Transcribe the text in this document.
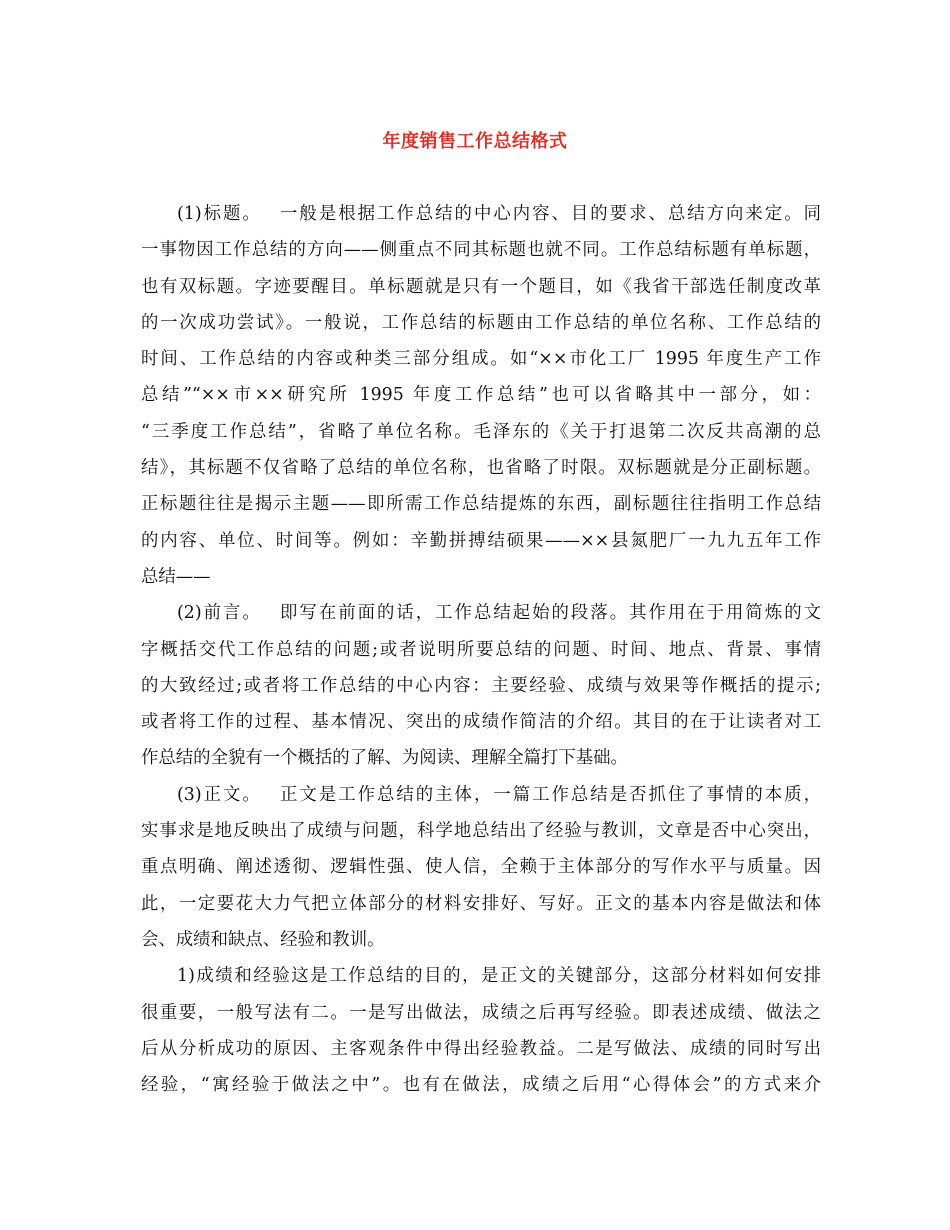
年度销售工作总结格式
(1)标题。　 一般是根据工作总结的中心内容、目的要求、总结方向来定。同
一事物因工作总结的方向——侧重点不同其标题也就不同。工作总结标题有单标题，
也有双标题。字迹要醒目。单标题就是只有一个题目，如《我省干部选任制度改革
的一次成功尝试》。一般说，工作总结的标题由工作总结的单位名称、工作总结的
时间、工作总结的内容或种类三部分组成。如“××市化工厂 1995 年度生产工作
总结”“××市××研究所 1995 年度工作总结”也可以省略其中一部分，如：
“三季度工作总结”，省略了单位名称。毛泽东的《关于打退第二次反共高潮的总
结》，其标题不仅省略了总结的单位名称，也省略了时限。双标题就是分正副标题。
正标题往往是揭示主题——即所需工作总结提炼的东西，副标题往往指明工作总结
的内容、单位、时间等。例如：辛勤拼搏结硕果——××县氮肥厂一九九五年工作
总结——
(2)前言。　 即写在前面的话，工作总结起始的段落。其作用在于用简炼的文
字概括交代工作总结的问题;或者说明所要总结的问题、时间、地点、背景、事情
的大致经过;或者将工作总结的中心内容：主要经验、成绩与效果等作概括的提示;
或者将工作的过程、基本情况、突出的成绩作简洁的介绍。其目的在于让读者对工
作总结的全貌有一个概括的了解、为阅读、理解全篇打下基础。
(3)正文。　 正文是工作总结的主体，一篇工作总结是否抓住了事情的本质，
实事求是地反映出了成绩与问题，科学地总结出了经验与教训，文章是否中心突出，
重点明确、阐述透彻、逻辑性强、使人信，全赖于主体部分的写作水平与质量。因
此，一定要花大力气把立体部分的材料安排好、写好。正文的基本内容是做法和体
会、成绩和缺点、经验和教训。
1)成绩和经验这是工作总结的目的，是正文的关键部分，这部分材料如何安排
很重要，一般写法有二。一是写出做法，成绩之后再写经验。即表述成绩、做法之
后从分析成功的原因、主客观条件中得出经验教益。二是写做法、成绩的同时写出
经验，“寓经验于做法之中”。也有在做法，成绩之后用“心得体会”的方式来介
